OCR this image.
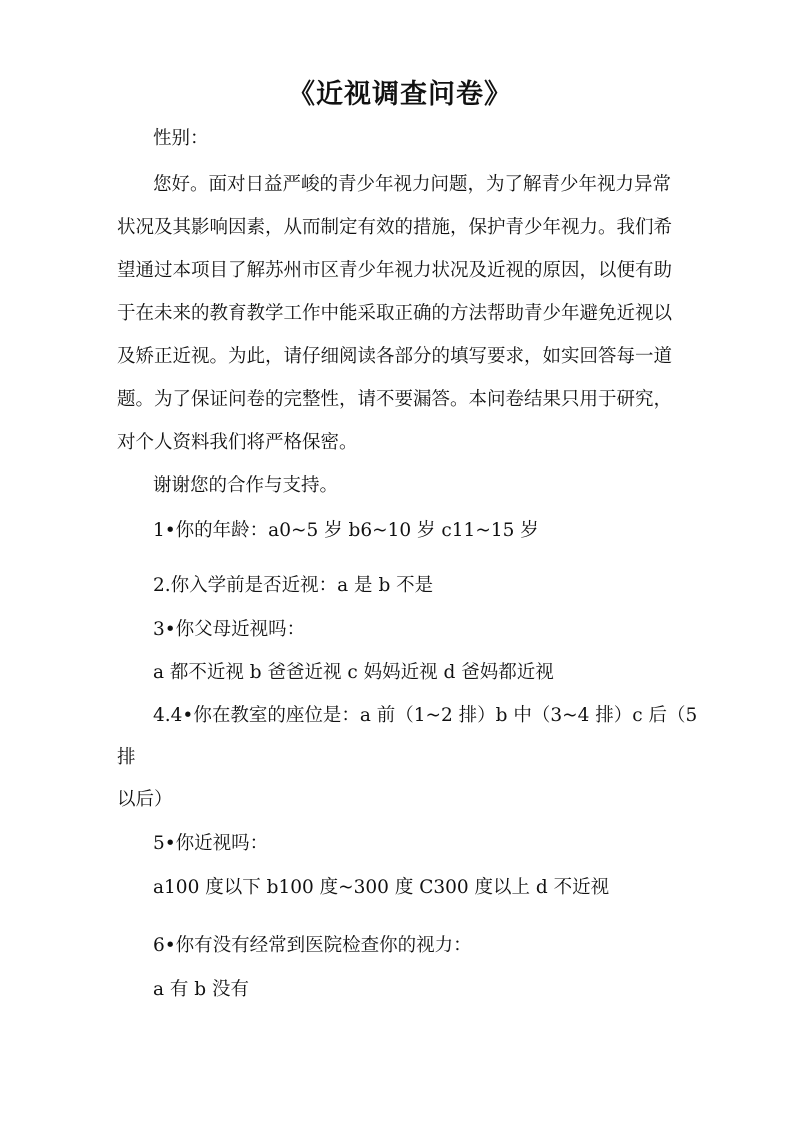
《近视调查问卷》
性别：
您好。面对日益严峻的青少年视力问题，为了解青少年视力异常
状况及其影响因素，从而制定有效的措施，保护青少年视力。我们希
望通过本项目了解苏州市区青少年视力状况及近视的原因，以便有助
于在未来的教育教学工作中能采取正确的方法帮助青少年避免近视以
及矫正近视。为此，请仔细阅读各部分的填写要求，如实回答每一道
题。为了保证问卷的完整性，请不要漏答。本问卷结果只用于研究，
对个人资料我们将严格保密。
谢谢您的合作与支持。
1•你的年龄：a0~5 岁 b6~10 岁 c11~15 岁
2.你入学前是否近视：a 是 b 不是
3•你父母近视吗：
a 都不近视 b 爸爸近视 c 妈妈近视 d 爸妈都近视
4.4•你在教室的座位是：a 前（1~2 排）b 中（3~4 排）c 后（5
排
以后）
5•你近视吗：
a100 度以下 b100 度~300 度 C300 度以上 d 不近视
6•你有没有经常到医院检查你的视力：
a 有 b 没有
